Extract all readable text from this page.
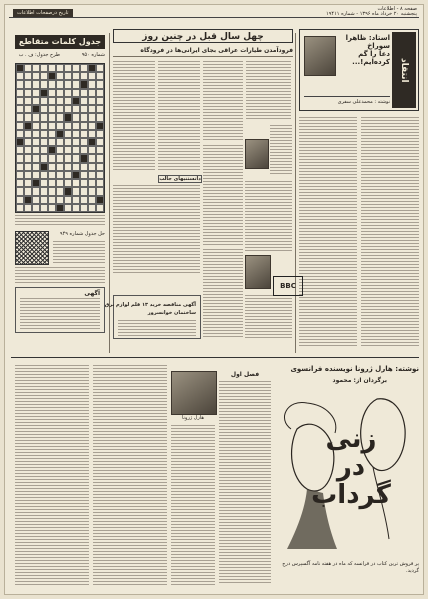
تاریخ درصفحات اطلاعات
صفحه ۸ - اطلاعات
پنجشنبه ۲۰ خرداد ماه ۱۳۹۶ - شماره ۱۹۴۱۱
جدول کلمات متقاطع
شماره ۹۵۰
طرح جدول: ف . ب
حل جدول شماره ۹۴۹
آگهی
چهل سال قبل در چنین روز
فرودآمدن طیارات عراقی بجای ایرانی‌ها در فرودگاه
دانستنیهای جالب
آگهی مناقصه خرید ۱۳ قلم لوازم برق
ساختمان خوانسرور
انتقاد
استاد: ظاهرا
سوراخ
دعا را گم
کرده‌ایم!...
نوشته : محمدعلی سفری
BBC
هارل ژرونا
فصل اول
نوشته: هارل ژرونا نویسنده فرانسوی
برگردان از: محمود
زنی
در
گرداب
پر فروش ترین کتاب در فرانسه که ماه در هفته نامه آگسپرس درج گردید.
